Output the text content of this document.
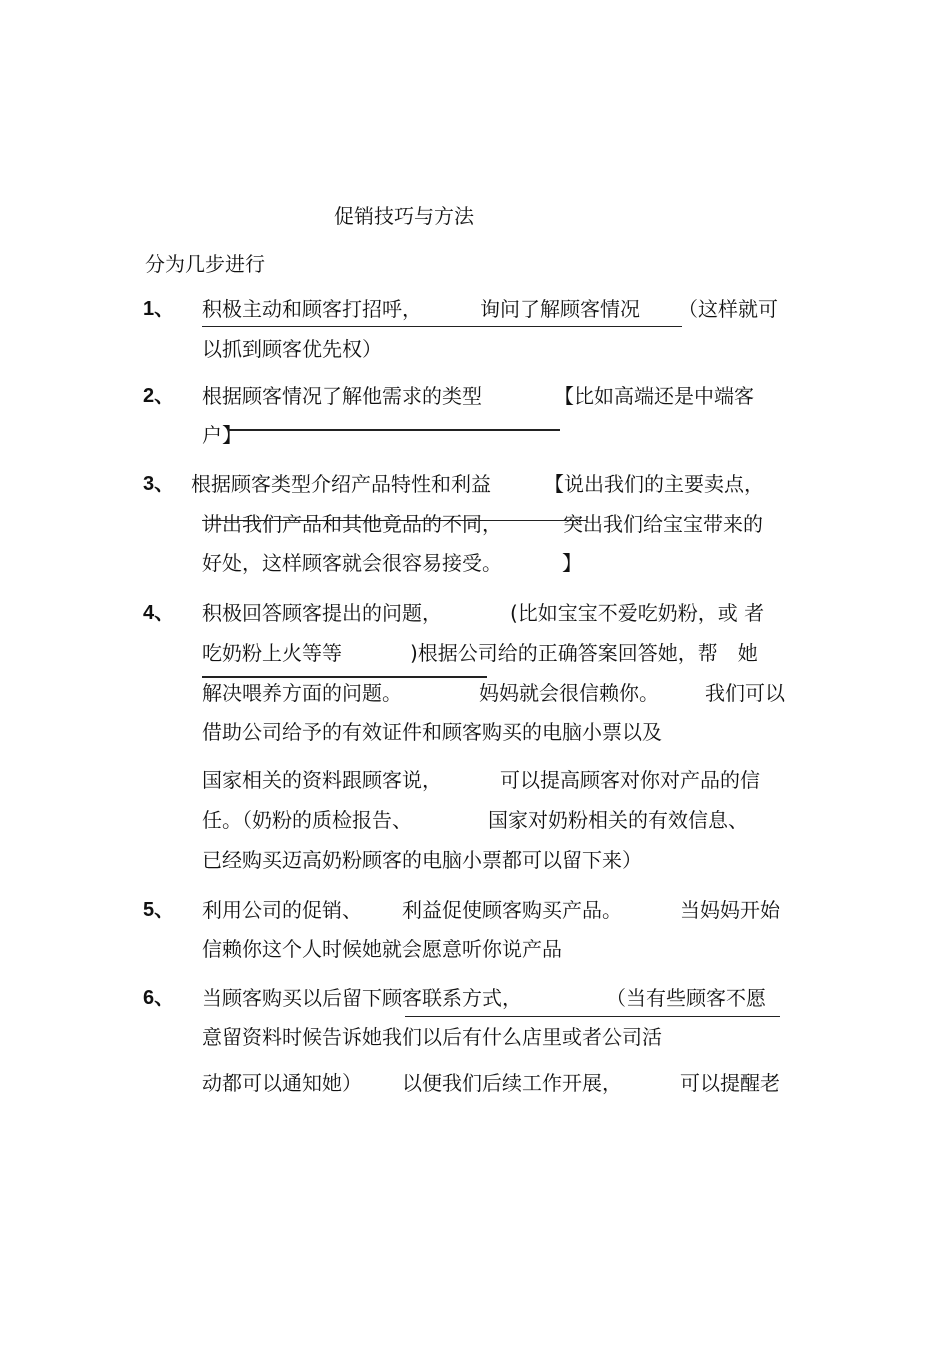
促销技巧与方法
分为几步进行
1、 积极主动和顾客打招呼，	询问了解顾客情况 （这样就可
以抓到顾客优先权）
2、 根据顾客情况了解他需求的类型	【比如高端还是中端客
户】
3、 根据顾客类型介绍产品特性和利益	【说出我们的主要卖点，
讲出我们产品和其他竟品的不同，	突出我们给宝宝带来的
好处，这样顾客就会很容易接受。	】
4、 积极回答顾客提出的问题，	(比如宝宝不爱吃奶粉，或 者
吃奶粉上火等等	)根据公司给的正确答案回答她，帮　她
解决喂养方面的问题。	妈妈就会很信赖你。 我们可以
借助公司给予的有效证件和顾客购买的电脑小票以及
国家相关的资料跟顾客说，	可以提高顾客对你对产品的信
任。（奶粉的质检报告、	国家对奶粉相关的有效信息、
已经购买迈高奶粉顾客的电脑小票都可以留下来）
5、 利用公司的促销、 利益促使顾客购买产品。	当妈妈开始
信赖你这个人时候她就会愿意听你说产品
6、 当顾客购买以后留下顾客联系方式，	（当有些顾客不愿
意留资料时候告诉她我们以后有什么店里或者公司活
动都可以通知她） 以便我们后续工作开展，	可以提醒老
